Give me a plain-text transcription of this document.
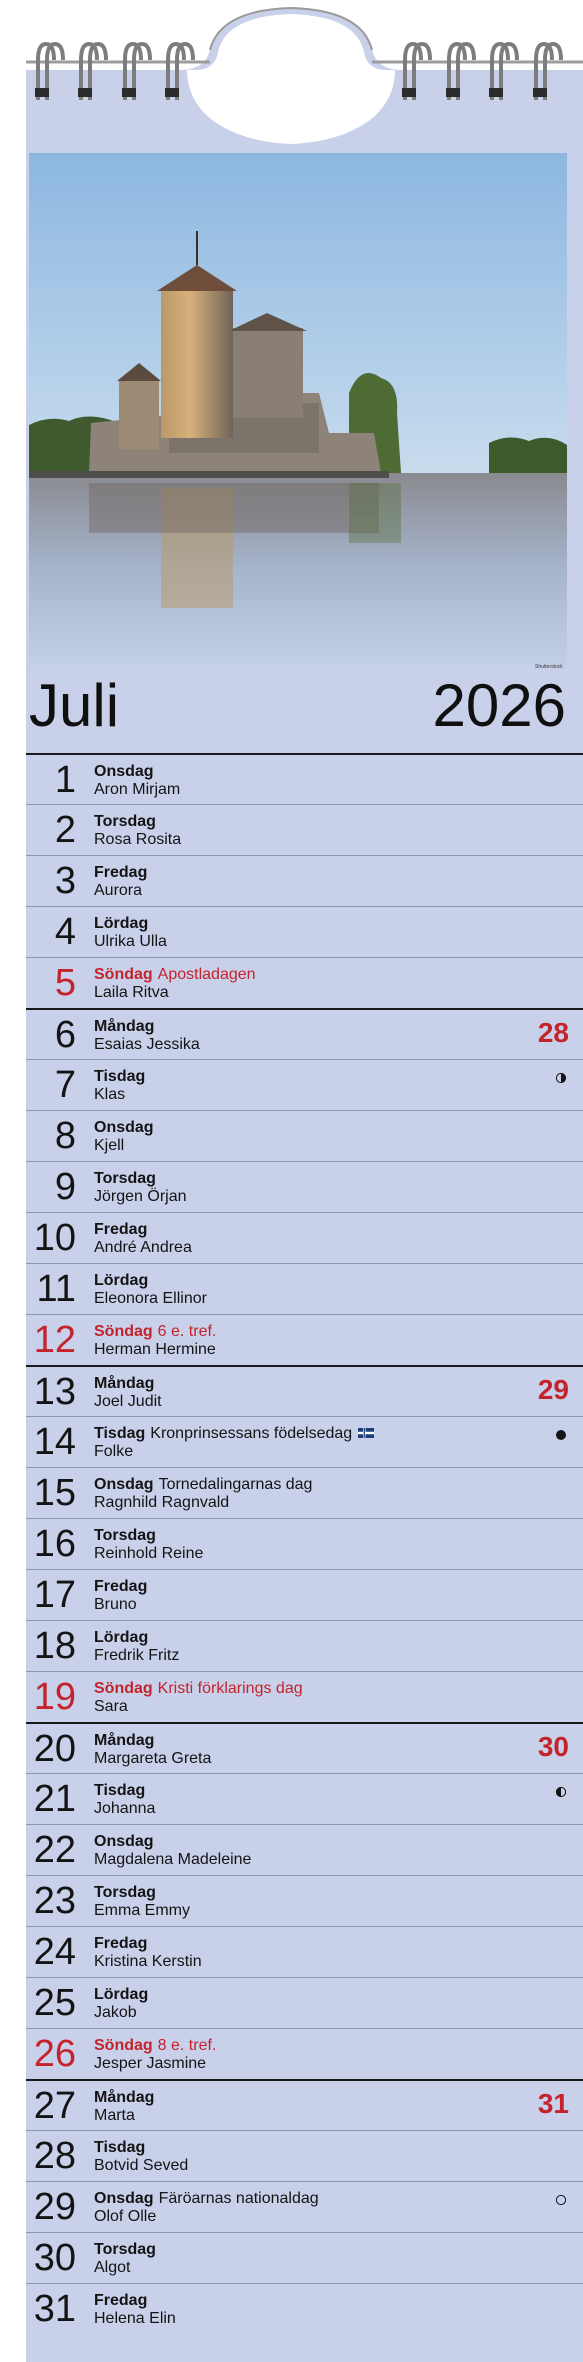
Shutterstock
Juli	2026
1 Onsdag
Aron Mirjam
2 Torsdag
Rosa Rosita
3 Fredag
Aurora
4 Lördag
Ulrika Ulla
5 Söndag Apostladagen
Laila Ritva
6 Måndag
Esaias Jessika	28
7 Tisdag
Klas
8 Onsdag
Kjell
9 Torsdag
Jörgen Örjan
10 Fredag
André Andrea
11 Lördag
Eleonora Ellinor
12 Söndag 6 e. tref.
Herman Hermine
13 Måndag
Joel Judit	29
14 Tisdag Kronprinsessans födelsedag
Folke
15 Onsdag Tornedalingarnas dag
Ragnhild Ragnvald
16 Torsdag
Reinhold Reine
17 Fredag
Bruno
18 Lördag
Fredrik Fritz
19 Söndag Kristi förklarings dag
Sara
20 Måndag
Margareta Greta	30
21 Tisdag
Johanna
22 Onsdag
Magdalena Madeleine
23 Torsdag
Emma Emmy
24 Fredag
Kristina Kerstin
25 Lördag
Jakob
26 Söndag 8 e. tref.
Jesper Jasmine
27 Måndag
Marta	31
28 Tisdag
Botvid Seved
29 Onsdag Färöarnas nationaldag
Olof Olle
30 Torsdag
Algot
31 Fredag
Helena Elin
